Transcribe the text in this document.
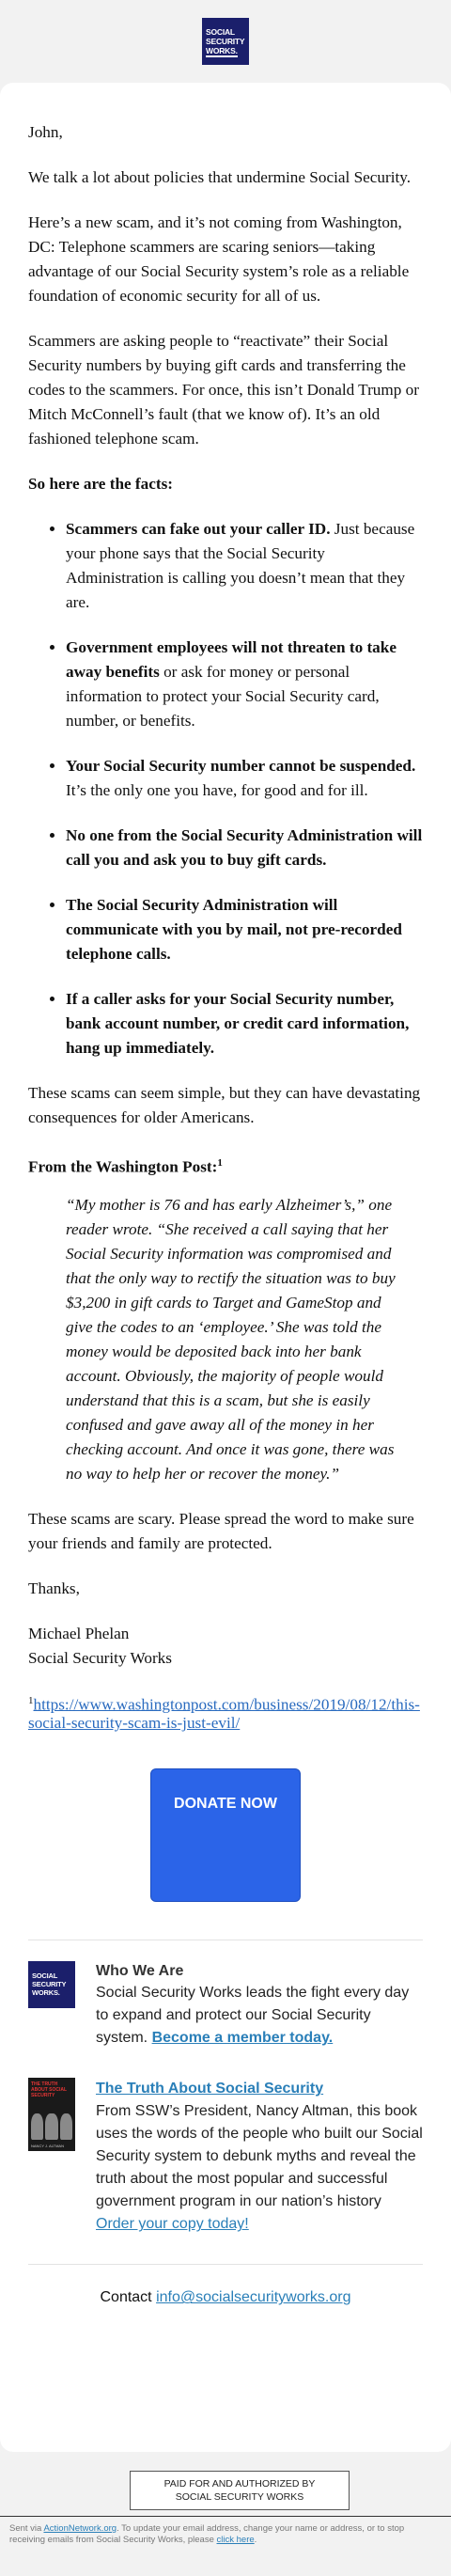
SOCIAL
SECURITY
WORKS.

John,

We talk a lot about policies that undermine Social Security.

Here’s a new scam, and it’s not coming from Washington, DC: Telephone scammers are scaring seniors—taking advantage of our Social Security system’s role as a reliable foundation of economic security for all of us.

Scammers are asking people to “reactivate” their Social Security numbers by buying gift cards and transferring the codes to the scammers. For once, this isn’t Donald Trump or Mitch McConnell’s fault (that we know of). It’s an old fashioned telephone scam.

So here are the facts:

• Scammers can fake out your caller ID. Just because your phone says that the Social Security Administration is calling you doesn’t mean that they are.
• Government employees will not threaten to take away benefits or ask for money or personal information to protect your Social Security card, number, or benefits.
• Your Social Security number cannot be suspended. It’s the only one you have, for good and for ill.
• No one from the Social Security Administration will call you and ask you to buy gift cards.
• The Social Security Administration will communicate with you by mail, not pre-recorded telephone calls.
• If a caller asks for your Social Security number, bank account number, or credit card information, hang up immediately.

These scams can seem simple, but they can have devastating consequences for older Americans.

From the Washington Post:$^1$
“My mother is 76 and has early Alzheimer’s,” one reader wrote. “She received a call saying that her Social Security information was compromised and that the only way to rectify the situation was to buy $3,200 in gift cards to Target and GameStop and give the codes to an ‘employee.’ She was told the money would be deposited back into her bank account. Obviously, the majority of people would understand that this is a scam, but she is easily confused and gave away all of the money in her checking account. And once it was gone, there was no way to help her or recover the money.”

These scams are scary. Please spread the word to make sure your friends and family are protected.

Thanks,

Michael Phelan
Social Security Works

$^1$https://www.washingtonpost.com/business/2019/08/12/this-social-security-scam-is-just-evil/
DONATE NOW
SOCIAL
SECURITY
WORKS.
Who We Are
Social Security Works leads the fight every day to expand and protect our Social Security system. Become a member today.
THE TRUTH ABOUT SOCIAL SECURITY
NANCY J. ALTMAN
The Truth About Social Security
From SSW’s President, Nancy Altman, this book uses the words of the people who built our Social Security system to debunk myths and reveal the truth about the most popular and successful government program in our nation’s history Order your copy today!
Contact info@socialsecurityworks.org
PAID FOR AND AUTHORIZED BY
SOCIAL SECURITY WORKS
Sent via ActionNetwork.org. To update your email address, change your name or address, or to stop receiving emails from Social Security Works, please click here.
